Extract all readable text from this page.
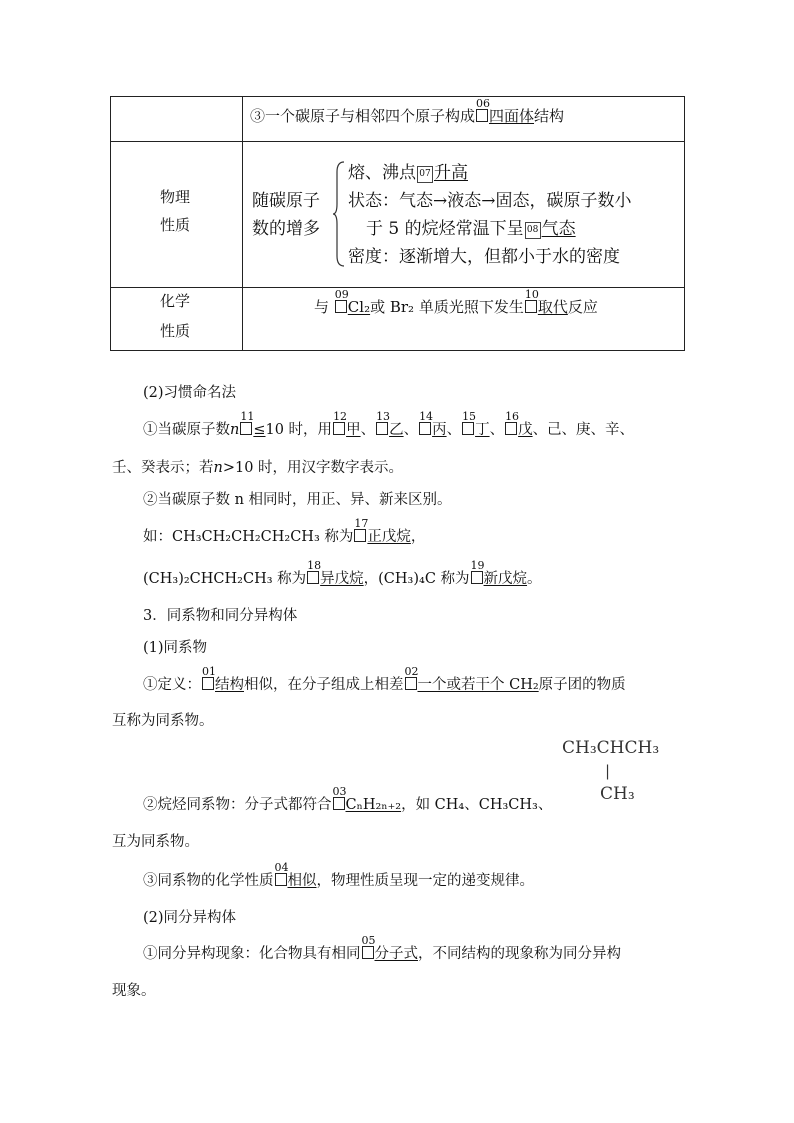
③一个碳原子与相邻四个原子构成
06
四面体结构
物理
性质
随碳原子
数的增多
熔、沸点 07 升高
状态：气态→液态→固态，碳原子数小
于 5 的烷烃常温下呈 08 气态
密度：逐渐增大，但都小于水的密度
化学
性质
与
09
Cl₂或 Br₂ 单质光照下发生
10
取代反应
(2)习惯命名法
①当碳原子数n
11
≤10 时，用
12
甲、
13
乙、
14
丙、
15
丁、
16
戊、己、庚、辛、
壬、癸表示；若n>10 时，用汉字数字表示。
②当碳原子数 n 相同时，用正、异、新来区别。
如：CH₃CH₂CH₂CH₂CH₃ 称为
17
正戊烷，
(CH₃)₂CHCH₂CH₃ 称为
18
异戊烷，(CH₃)₄C 称为
19
新戊烷。
3．同系物和同分异构体
(1)同系物
①定义：
01
结构相似，在分子组成上相差
02
一个或若干个 CH₂原子团的物质
互称为同系物。
CH₃CHCH₃
|
CH₃
②烷烃同系物：分子式都符合
03
CₙH₂ₙ₊₂，如 CH₄、CH₃CH₃、
互为同系物。
③同系物的化学性质
04
相似，物理性质呈现一定的递变规律。
(2)同分异构体
①同分异构现象：化合物具有相同
05
分子式，不同结构的现象称为同分异构
现象。
